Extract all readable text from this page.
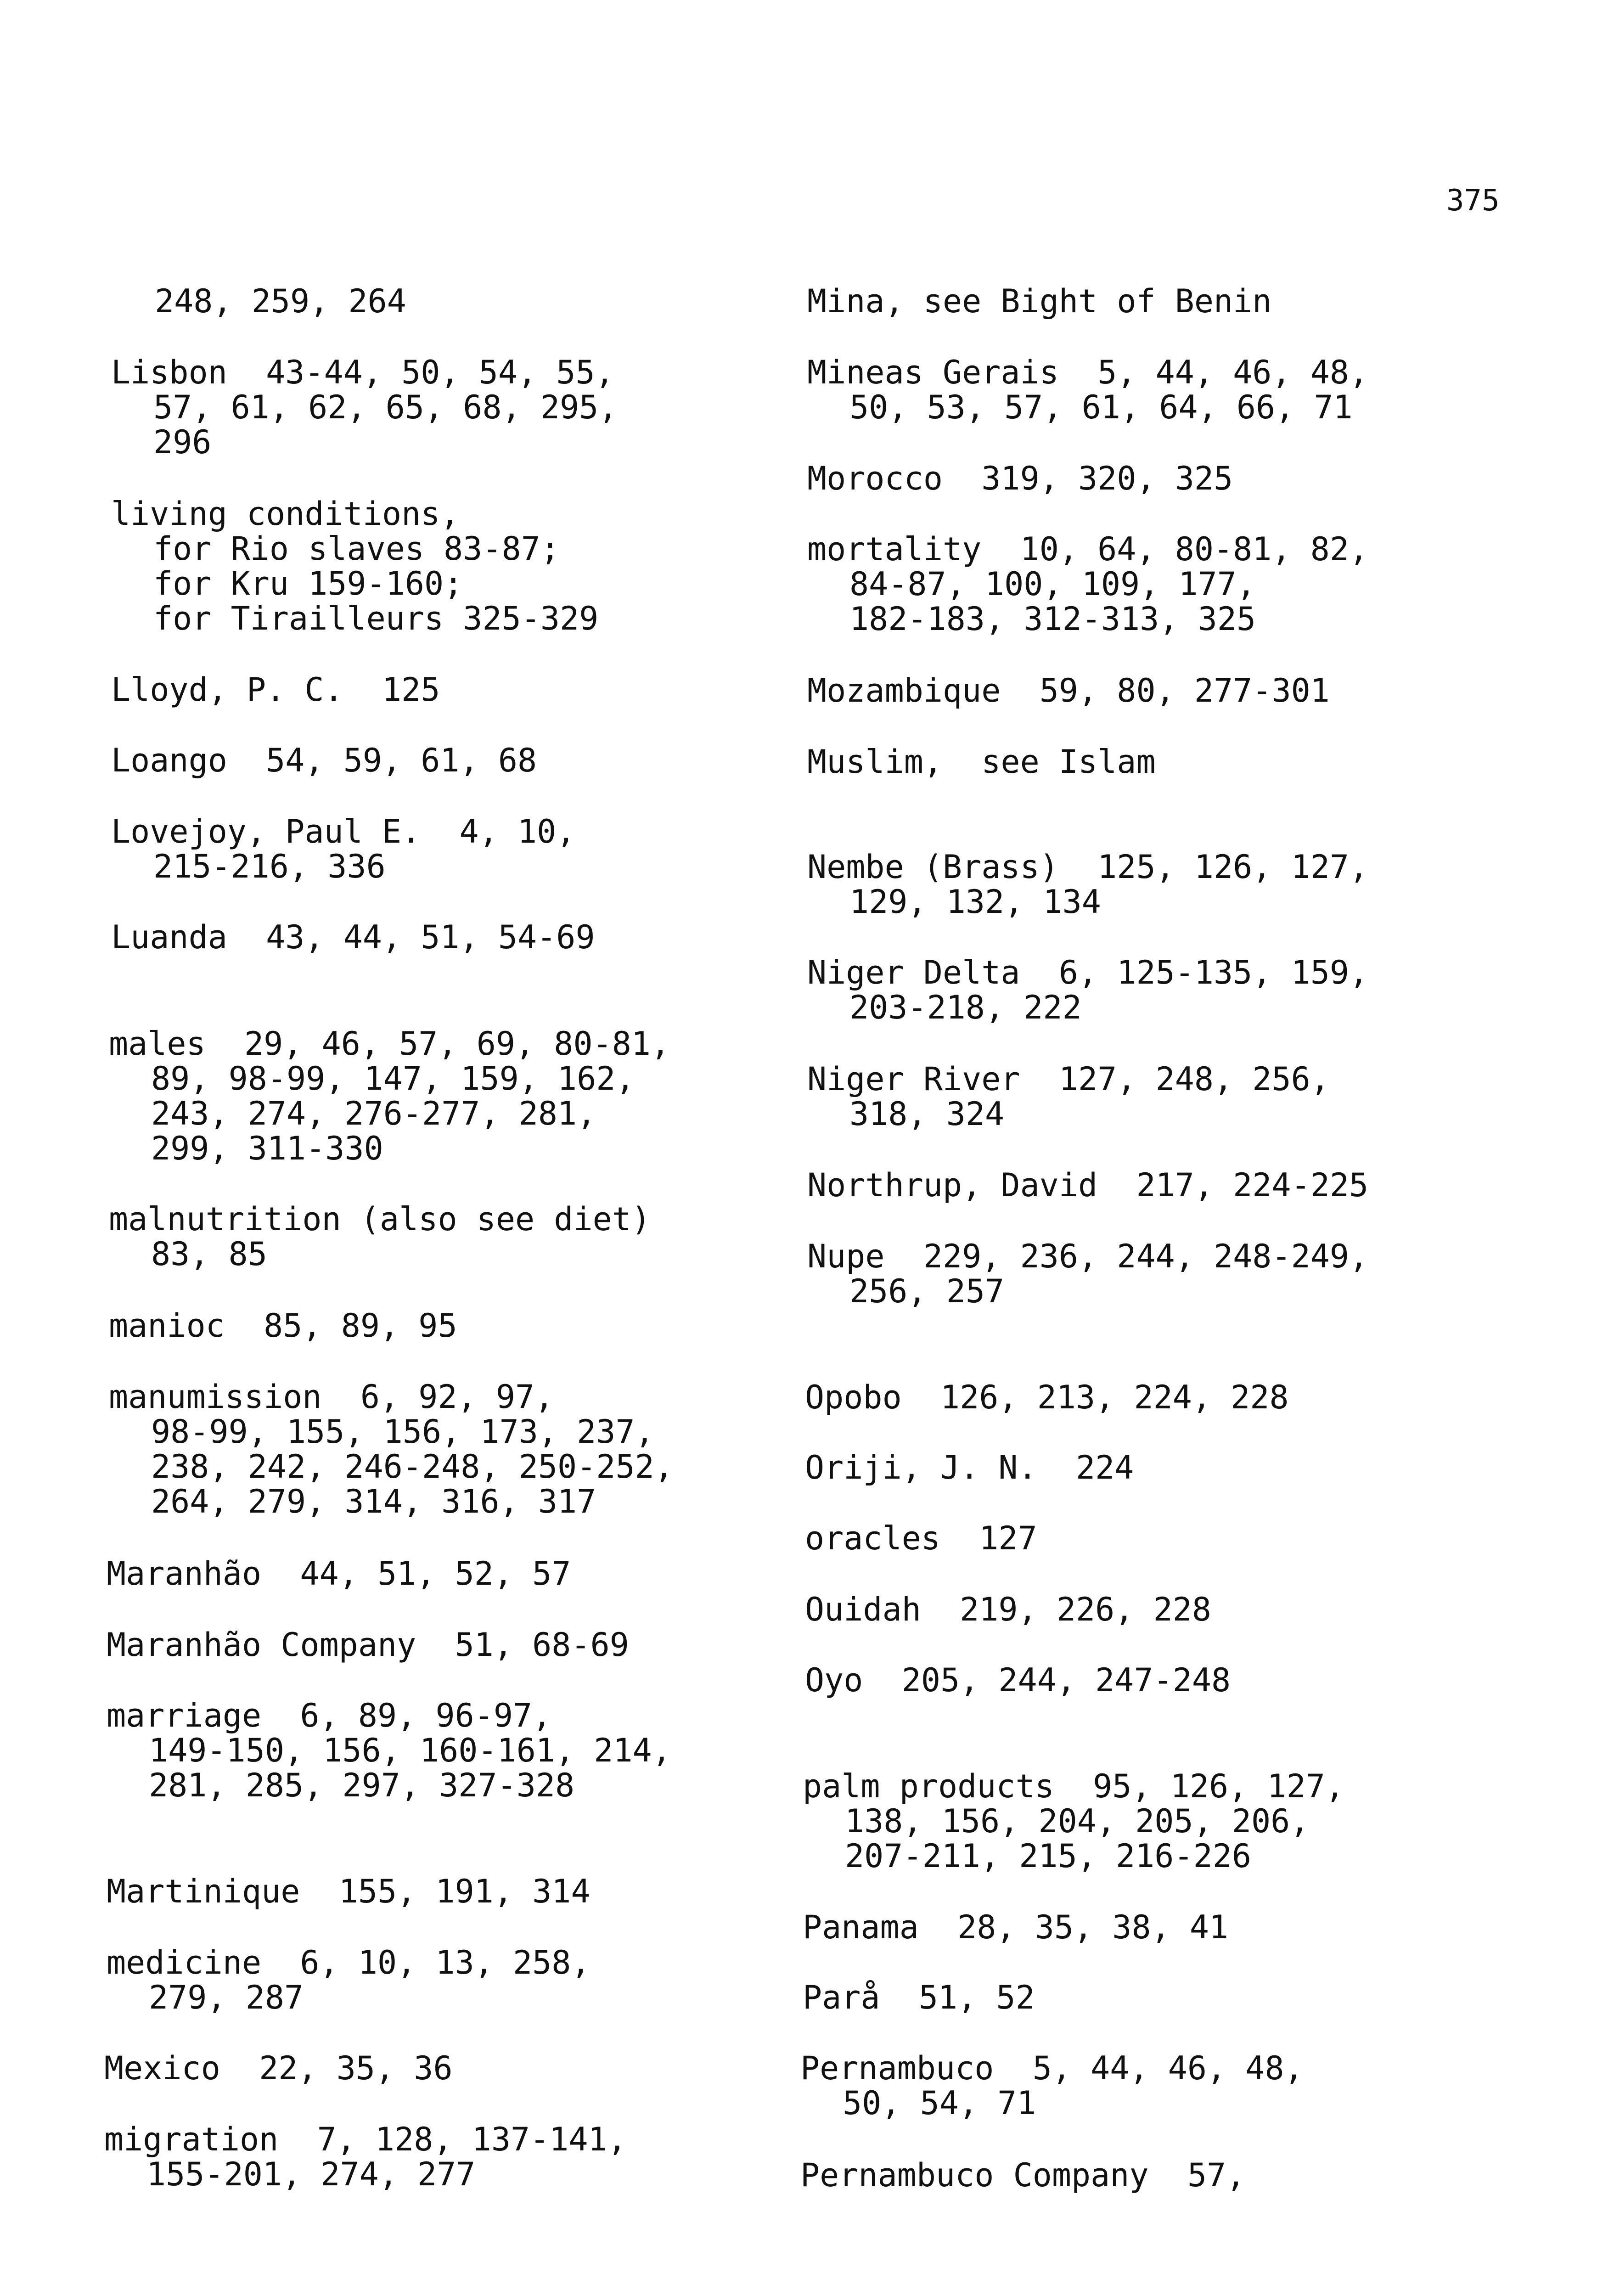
375
248, 259, 264
Lisbon  43-44, 50, 54, 55,
57, 61, 62, 65, 68, 295,
296
living conditions,
for Rio slaves 83-87;
for Kru 159-160;
for Tirailleurs 325-329
Lloyd, P. C.  125
Loango  54, 59, 61, 68
Lovejoy, Paul E.  4, 10,
215-216, 336
Luanda  43, 44, 51, 54-69
males  29, 46, 57, 69, 80-81,
89, 98-99, 147, 159, 162,
243, 274, 276-277, 281,
299, 311-330
malnutrition (also see diet)
83, 85
manioc  85, 89, 95
manumission  6, 92, 97,
98-99, 155, 156, 173, 237,
238, 242, 246-248, 250-252,
264, 279, 314, 316, 317
Maranhão  44, 51, 52, 57
Maranhão Company  51, 68-69
marriage  6, 89, 96-97,
149-150, 156, 160-161, 214,
281, 285, 297, 327-328
Martinique  155, 191, 314
medicine  6, 10, 13, 258,
279, 287
Mexico  22, 35, 36
migration  7, 128, 137-141,
155-201, 274, 277
Mina, see Bight of Benin
Mineas Gerais  5, 44, 46, 48,
50, 53, 57, 61, 64, 66, 71
Morocco  319, 320, 325
mortality  10, 64, 80-81, 82,
84-87, 100, 109, 177,
182-183, 312-313, 325
Mozambique  59, 80, 277-301
Muslim,  see Islam
Nembe (Brass)  125, 126, 127,
129, 132, 134
Niger Delta  6, 125-135, 159,
203-218, 222
Niger River  127, 248, 256,
318, 324
Northrup, David  217, 224-225
Nupe  229, 236, 244, 248-249,
256, 257
Opobo  126, 213, 224, 228
Oriji, J. N.  224
oracles  127
Ouidah  219, 226, 228
Oyo  205, 244, 247-248
palm products  95, 126, 127,
138, 156, 204, 205, 206,
207-211, 215, 216-226
Panama  28, 35, 38, 41
Parå  51, 52
Pernambuco  5, 44, 46, 48,
50, 54, 71
Pernambuco Company  57,
